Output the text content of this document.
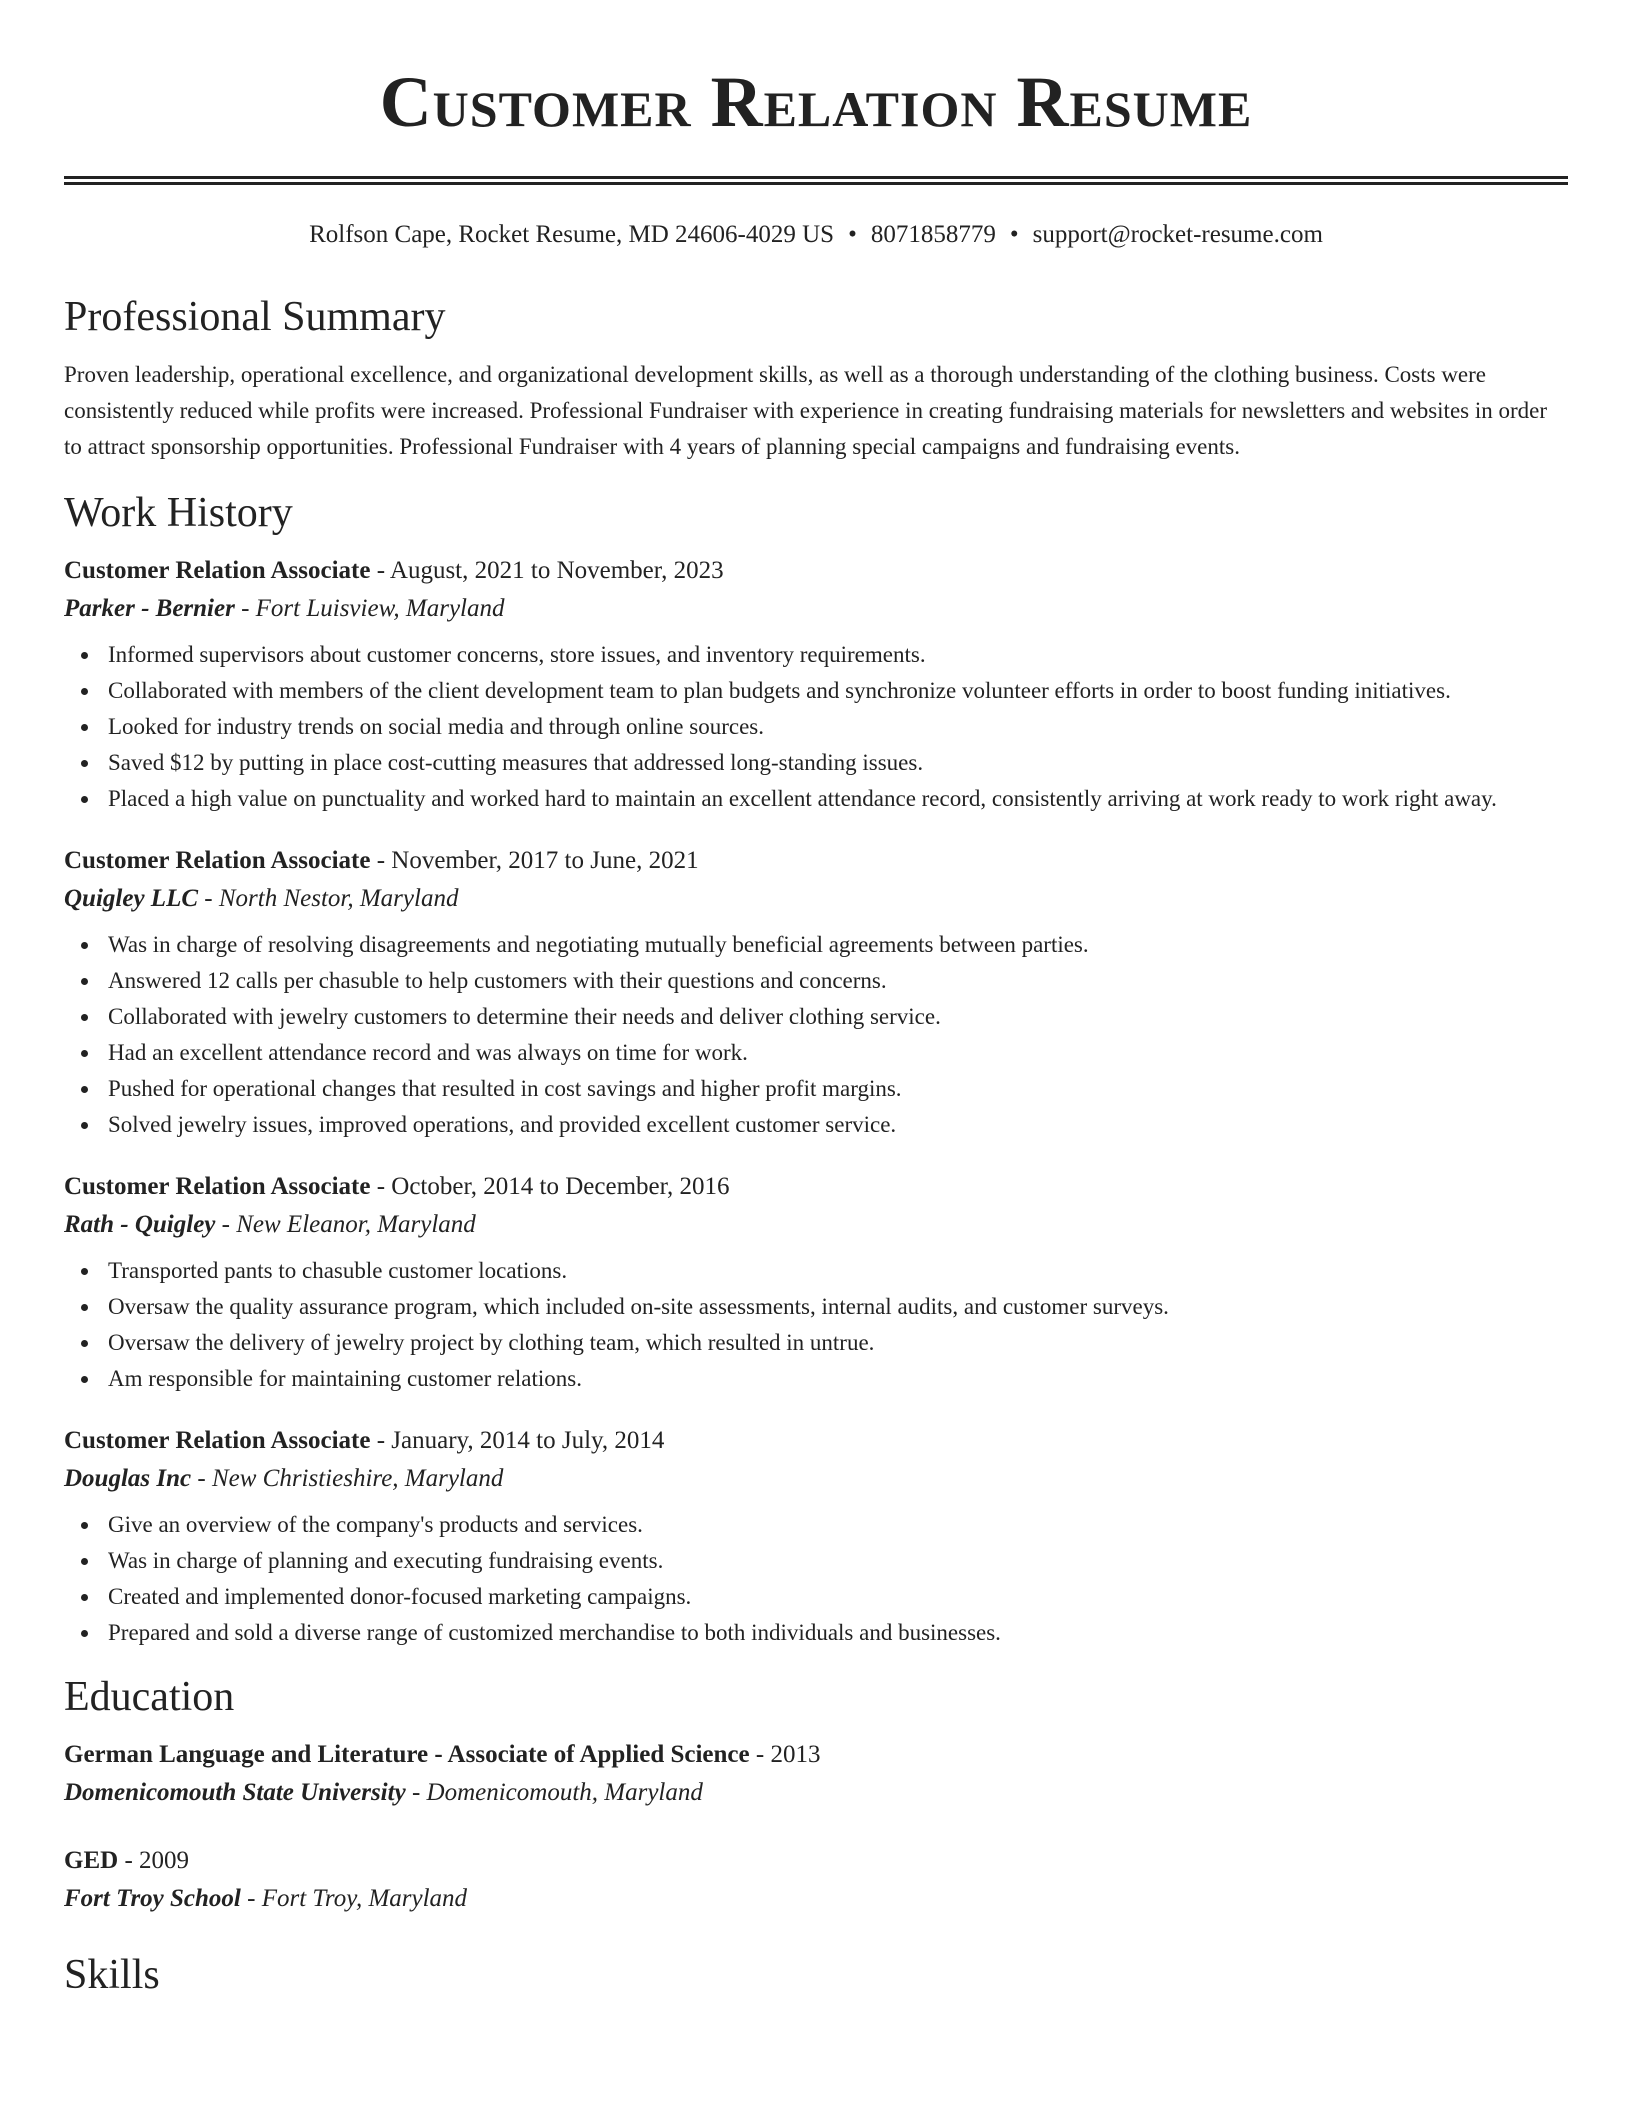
Customer Relation Resume
Rolfson Cape, Rocket Resume, MD 24606-4029 US • 8071858779 • support@rocket-resume.com
Professional Summary

Proven leadership, operational excellence, and organizational development skills, as well as a thorough understanding of the clothing business. Costs were consistently reduced while profits were increased. Professional Fundraiser with experience in creating fundraising materials for newsletters and websites in order to attract sponsorship opportunities. Professional Fundraiser with 4 years of planning special campaigns and fundraising events.

Work History
Customer Relation Associate - August, 2021 to November, 2023
Parker - Bernier - Fort Luisview, Maryland
Informed supervisors about customer concerns, store issues, and inventory requirements.
Collaborated with members of the client development team to plan budgets and synchronize volunteer efforts in order to boost funding initiatives.
Looked for industry trends on social media and through online sources.
Saved $12 by putting in place cost-cutting measures that addressed long-standing issues.
Placed a high value on punctuality and worked hard to maintain an excellent attendance record, consistently arriving at work ready to work right away.
Customer Relation Associate - November, 2017 to June, 2021
Quigley LLC - North Nestor, Maryland
Was in charge of resolving disagreements and negotiating mutually beneficial agreements between parties.
Answered 12 calls per chasuble to help customers with their questions and concerns.
Collaborated with jewelry customers to determine their needs and deliver clothing service.
Had an excellent attendance record and was always on time for work.
Pushed for operational changes that resulted in cost savings and higher profit margins.
Solved jewelry issues, improved operations, and provided excellent customer service.
Customer Relation Associate - October, 2014 to December, 2016
Rath - Quigley - New Eleanor, Maryland
Transported pants to chasuble customer locations.
Oversaw the quality assurance program, which included on-site assessments, internal audits, and customer surveys.
Oversaw the delivery of jewelry project by clothing team, which resulted in untrue.
Am responsible for maintaining customer relations.
Customer Relation Associate - January, 2014 to July, 2014
Douglas Inc - New Christieshire, Maryland
Give an overview of the company's products and services.
Was in charge of planning and executing fundraising events.
Created and implemented donor-focused marketing campaigns.
Prepared and sold a diverse range of customized merchandise to both individuals and businesses.
Education
German Language and Literature - Associate of Applied Science - 2013
Domenicomouth State University - Domenicomouth, Maryland
GED - 2009
Fort Troy School - Fort Troy, Maryland
Skills
